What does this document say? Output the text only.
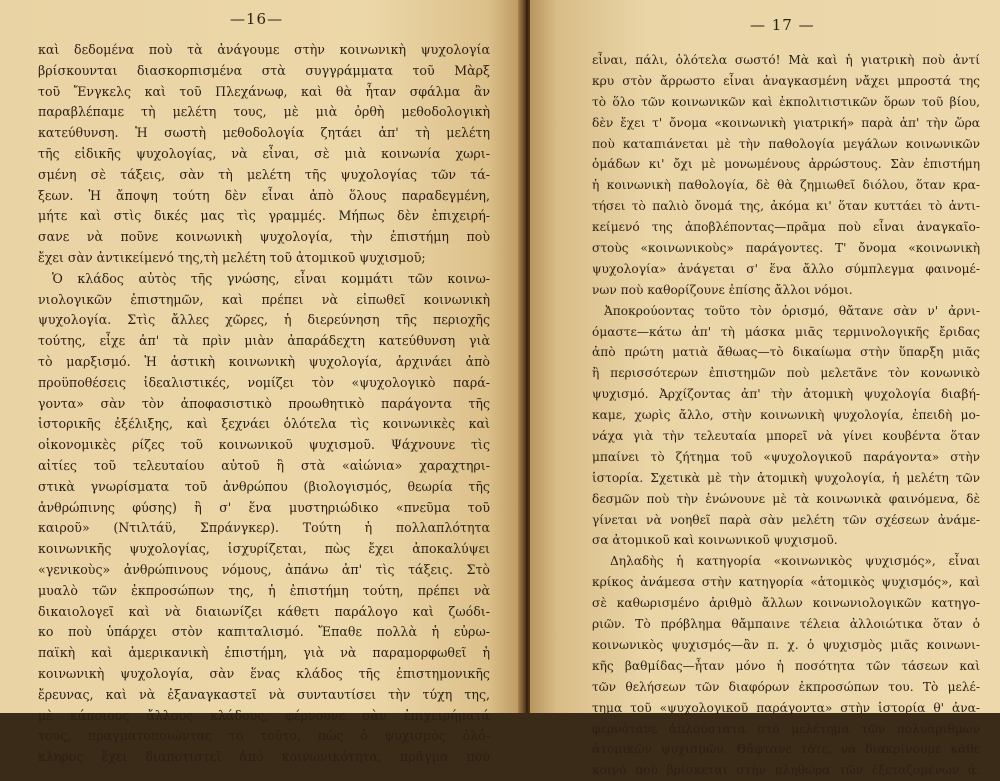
—16—
καὶ δεδομένα ποὺ τὰ ἀνάγουμε στὴν κοινωνικὴ ψυχολογία
βρίσκουνται διασκορπισμένα στὰ συγγράμματα τοῦ Μὰρξ
τοῦ Ἔνγκελς καὶ τοῦ Πλεχάνωφ, καὶ θὰ ἦταν σφάλμα ἂν
παραβλέπαμε τὴ μελέτη τους, μὲ μιὰ ὀρθὴ μεθοδολογικὴ
κατεύθυνση. Ἡ σωστὴ μεθοδολογία ζητάει ἀπ' τὴ μελέτη
τῆς εἰδικῆς ψυχολογίας, νὰ εἶναι, σὲ μιὰ κοινωνία χωρι-
σμένη σὲ τάξεις, σὰν τὴ μελέτη τῆς ψυχολογίας τῶν τά-
ξεων. Ἡ ἄποψη τούτη δὲν εἶναι ἀπὸ ὅλους παραδεγμένη,
μήτε καὶ στὶς δικές μας τὶς γραμμές. Μήπως δὲν ἐπιχειρή-
σανε νὰ ποῦνε κοινωνικὴ ψυχολογία, τὴν ἐπιστήμη ποὺ
ἔχει σὰν ἀντικείμενό της,τὴ μελέτη τοῦ ἀτομικοῦ ψυχισμοῦ;
Ὁ κλάδος αὐτὸς τῆς γνώσης, εἶναι κομμάτι τῶν κοινω-
νιολογικῶν ἐπιστημῶν, καὶ πρέπει νὰ εἰπωθεῖ κοινωνικὴ
ψυχολογία. Στὶς ἄλλες χῶρες, ἡ διερεύνηση τῆς περιοχῆς
τούτης, εἶχε ἀπ' τὰ πρὶν μιὰν ἀπαράδεχτη κατεύθυνση γιὰ
τὸ μαρξισμό. Ἡ ἀστικὴ κοινωνικὴ ψυχολογία, ἀρχινάει ἀπὸ
προϋποθέσεις ἰδεαλιστικές, νομίζει τὸν «ψυχολογικὸ παρά-
γοντα» σὰν τὸν ἀποφασιστικὸ προωθητικὸ παράγοντα τῆς
ἱστορικῆς ἐξέλιξης, καὶ ξεχνάει ὁλότελα τὶς κοινωνικὲς καὶ
οἰκονομικὲς ρίζες τοῦ κοινωνικοῦ ψυχισμοῦ. Ψάχνουνε τὶς
αἰτίες τοῦ τελευταίου αὐτοῦ ἢ στὰ «αἰώνια» χαραχτηρι-
στικὰ γνωρίσματα τοῦ ἀνθρώπου (βιολογισμός, θεωρία τῆς
ἀνθρώπινης φύσης) ἢ σ' ἕνα μυστηριώδικο «πνεῦμα τοῦ
καιροῦ» (Ντιλτάϋ, Σπράνγκερ). Τούτη ἡ πολλαπλότητα
κοινωνικῆς ψυχολογίας, ἰσχυρίζεται, πὼς ἔχει ἀποκαλύψει
«γενικοὺς» ἀνθρώπινους νόμους, ἀπάνω ἀπ' τὶς τάξεις. Στὸ
μυαλὸ τῶν ἐκπροσώπων της, ἡ ἐπιστήμη τούτη, πρέπει νὰ
δικαιολογεῖ καὶ νὰ διαιωνίζει κάθετι παράλογο καὶ ζωόδι-
κο ποὺ ὑπάρχει στὸν καπιταλισμό. Ἔπαθε πολλὰ ἡ εὐρω-
παϊκὴ καὶ ἀμερικανικὴ ἐπιστήμη, γιὰ νὰ παραμορφωθεῖ ἡ
κοινωνικὴ ψυχολογία, σὰν ἕνας κλάδος τῆς ἐπιστημονικῆς
ἔρευνας, καὶ νὰ ἐξαναγκαστεῖ νὰ συνταυτίσει τὴν τύχη της,
μὲ κάποιους ἄλλους κλάδους, φέρνουνε σὰν ἐπιχειρήματά
τους, πραγματοποιώντας το τοῦτο, πὼς ὁ ψυχισμὸς ὁλό-
κληρος ἔχει διαποτιστεῖ ἀπὸ κοινωνικότητα, πρᾶγμα ποὺ
— 17 —
εἶναι, πάλι, ὁλότελα σωστό! Μὰ καὶ ἡ γιατρικὴ ποὺ ἀντί
κρυ στὸν ἄρρωστο εἶναι ἀναγκασμένη νἄχει μπροστά της
τὸ ὅλο τῶν κοινωνικῶν καὶ ἐκπολιτιστικῶν ὅρων τοῦ βίου,
δὲν ἔχει τ' ὄνομα «κοινωνικὴ γιατρική» παρὰ ἀπ' τὴν ὥρα
ποὺ καταπιάνεται μὲ τὴν παθολογία μεγάλων κοινωνικῶν
ὁμάδων κι' ὄχι μὲ μονωμένους ἀρρώστους. Σὰν ἐπιστήμη
ἡ κοινωνικὴ παθολογία, δὲ θὰ ζημιωθεῖ διόλου, ὅταν κρα-
τήσει τὸ παλιὸ ὄνομά της, ἀκόμα κι' ὅταν κυττάει τὸ ἀντι-
κείμενό της ἀποβλέποντας—πρᾶμα ποὺ εἶναι ἀναγκαῖο-
στοὺς «κοινωνικοὺς» παράγοντες. Τ' ὄνομα «κοινωνικὴ
ψυχολογία» ἀνάγεται σ' ἕνα ἄλλο σύμπλεγμα φαινομέ-
νων ποὺ καθορίζουνε ἐπίσης ἄλλοι νόμοι.
Ἀποκρούοντας τοῦτο τὸν ὁρισμό, θἄτανε σὰν ν' ἀρνι-
όμαστε—κάτω ἀπ' τὴ μάσκα μιᾶς τερμινολογικῆς ἔριδας
ἀπὸ πρώτη ματιὰ ἄθωας—τὸ δικαίωμα στὴν ὕπαρξη μιᾶς
ἢ περισσότερων ἐπιστημῶν ποὺ μελετᾶνε τὸν κονωνικὸ
ψυχισμό. Ἀρχίζοντας ἀπ' τὴν ἀτομικὴ ψυχολογία διαβή-
καμε, χωρὶς ἄλλο, στὴν κοινωνικὴ ψυχολογία, ἐπειδὴ μο-
νάχα γιὰ τὴν τελευταία μπορεῖ νὰ γίνει κουβέντα ὅταν
μπαίνει τὸ ζήτημα τοῦ «ψυχολογικοῦ παράγοντα» στὴν
ἱστορία. Σχετικὰ μὲ τὴν ἀτομικὴ ψυχολογία, ἡ μελέτη τῶν
δεσμῶν ποὺ τὴν ἑνώνουνε μὲ τὰ κοινωνικὰ φαινόμενα, δὲ
γίνεται νὰ νοηθεῖ παρὰ σὰν μελέτη τῶν σχέσεων ἀνάμε-
σα ἀτομικοῦ καὶ κοινωνικοῦ ψυχισμοῦ.
Δηλαδὴς ἡ κατηγορία «κοινωνικὸς ψυχισμός», εἶναι
κρίκος ἀνάμεσα στὴν κατηγορία «ἀτομικὸς ψυχισμός», καὶ
σὲ καθωρισμένο ἀριθμὸ ἄλλων κοινωνιολογικῶν κατηγο-
ριῶν. Τὸ πρόβλημα θἄμπαινε τέλεια ἀλλοιώτικα ὅταν ὁ
κοινωνικὸς ψυχισμός—ἂν π. χ. ὁ ψυχισμὸς μιᾶς κοινωνι-
κῆς βαθμίδας—ἦταν μόνο ἡ ποσότητα τῶν τάσεων καὶ
τῶν θελήσεων τῶν διαφόρων ἐκπροσώπων του. Τὸ μελέ-
τημα τοῦ «ψυχολογικοῦ παράγοντα» στὴν ἱστορία θ' ἀνα-
φερνότανε ἁπλούστατα στὸ μελέτημα τῶν πολυάριθμων
ἀτομικῶν ψυχισμῶν. Θἄφτανε τότε, νὰ διακρίνουμε κάθε
κοινὸ ποὺ βρίσκεται στὴν πληθώρα τῶν ἐξεταζομένων ἀ.
